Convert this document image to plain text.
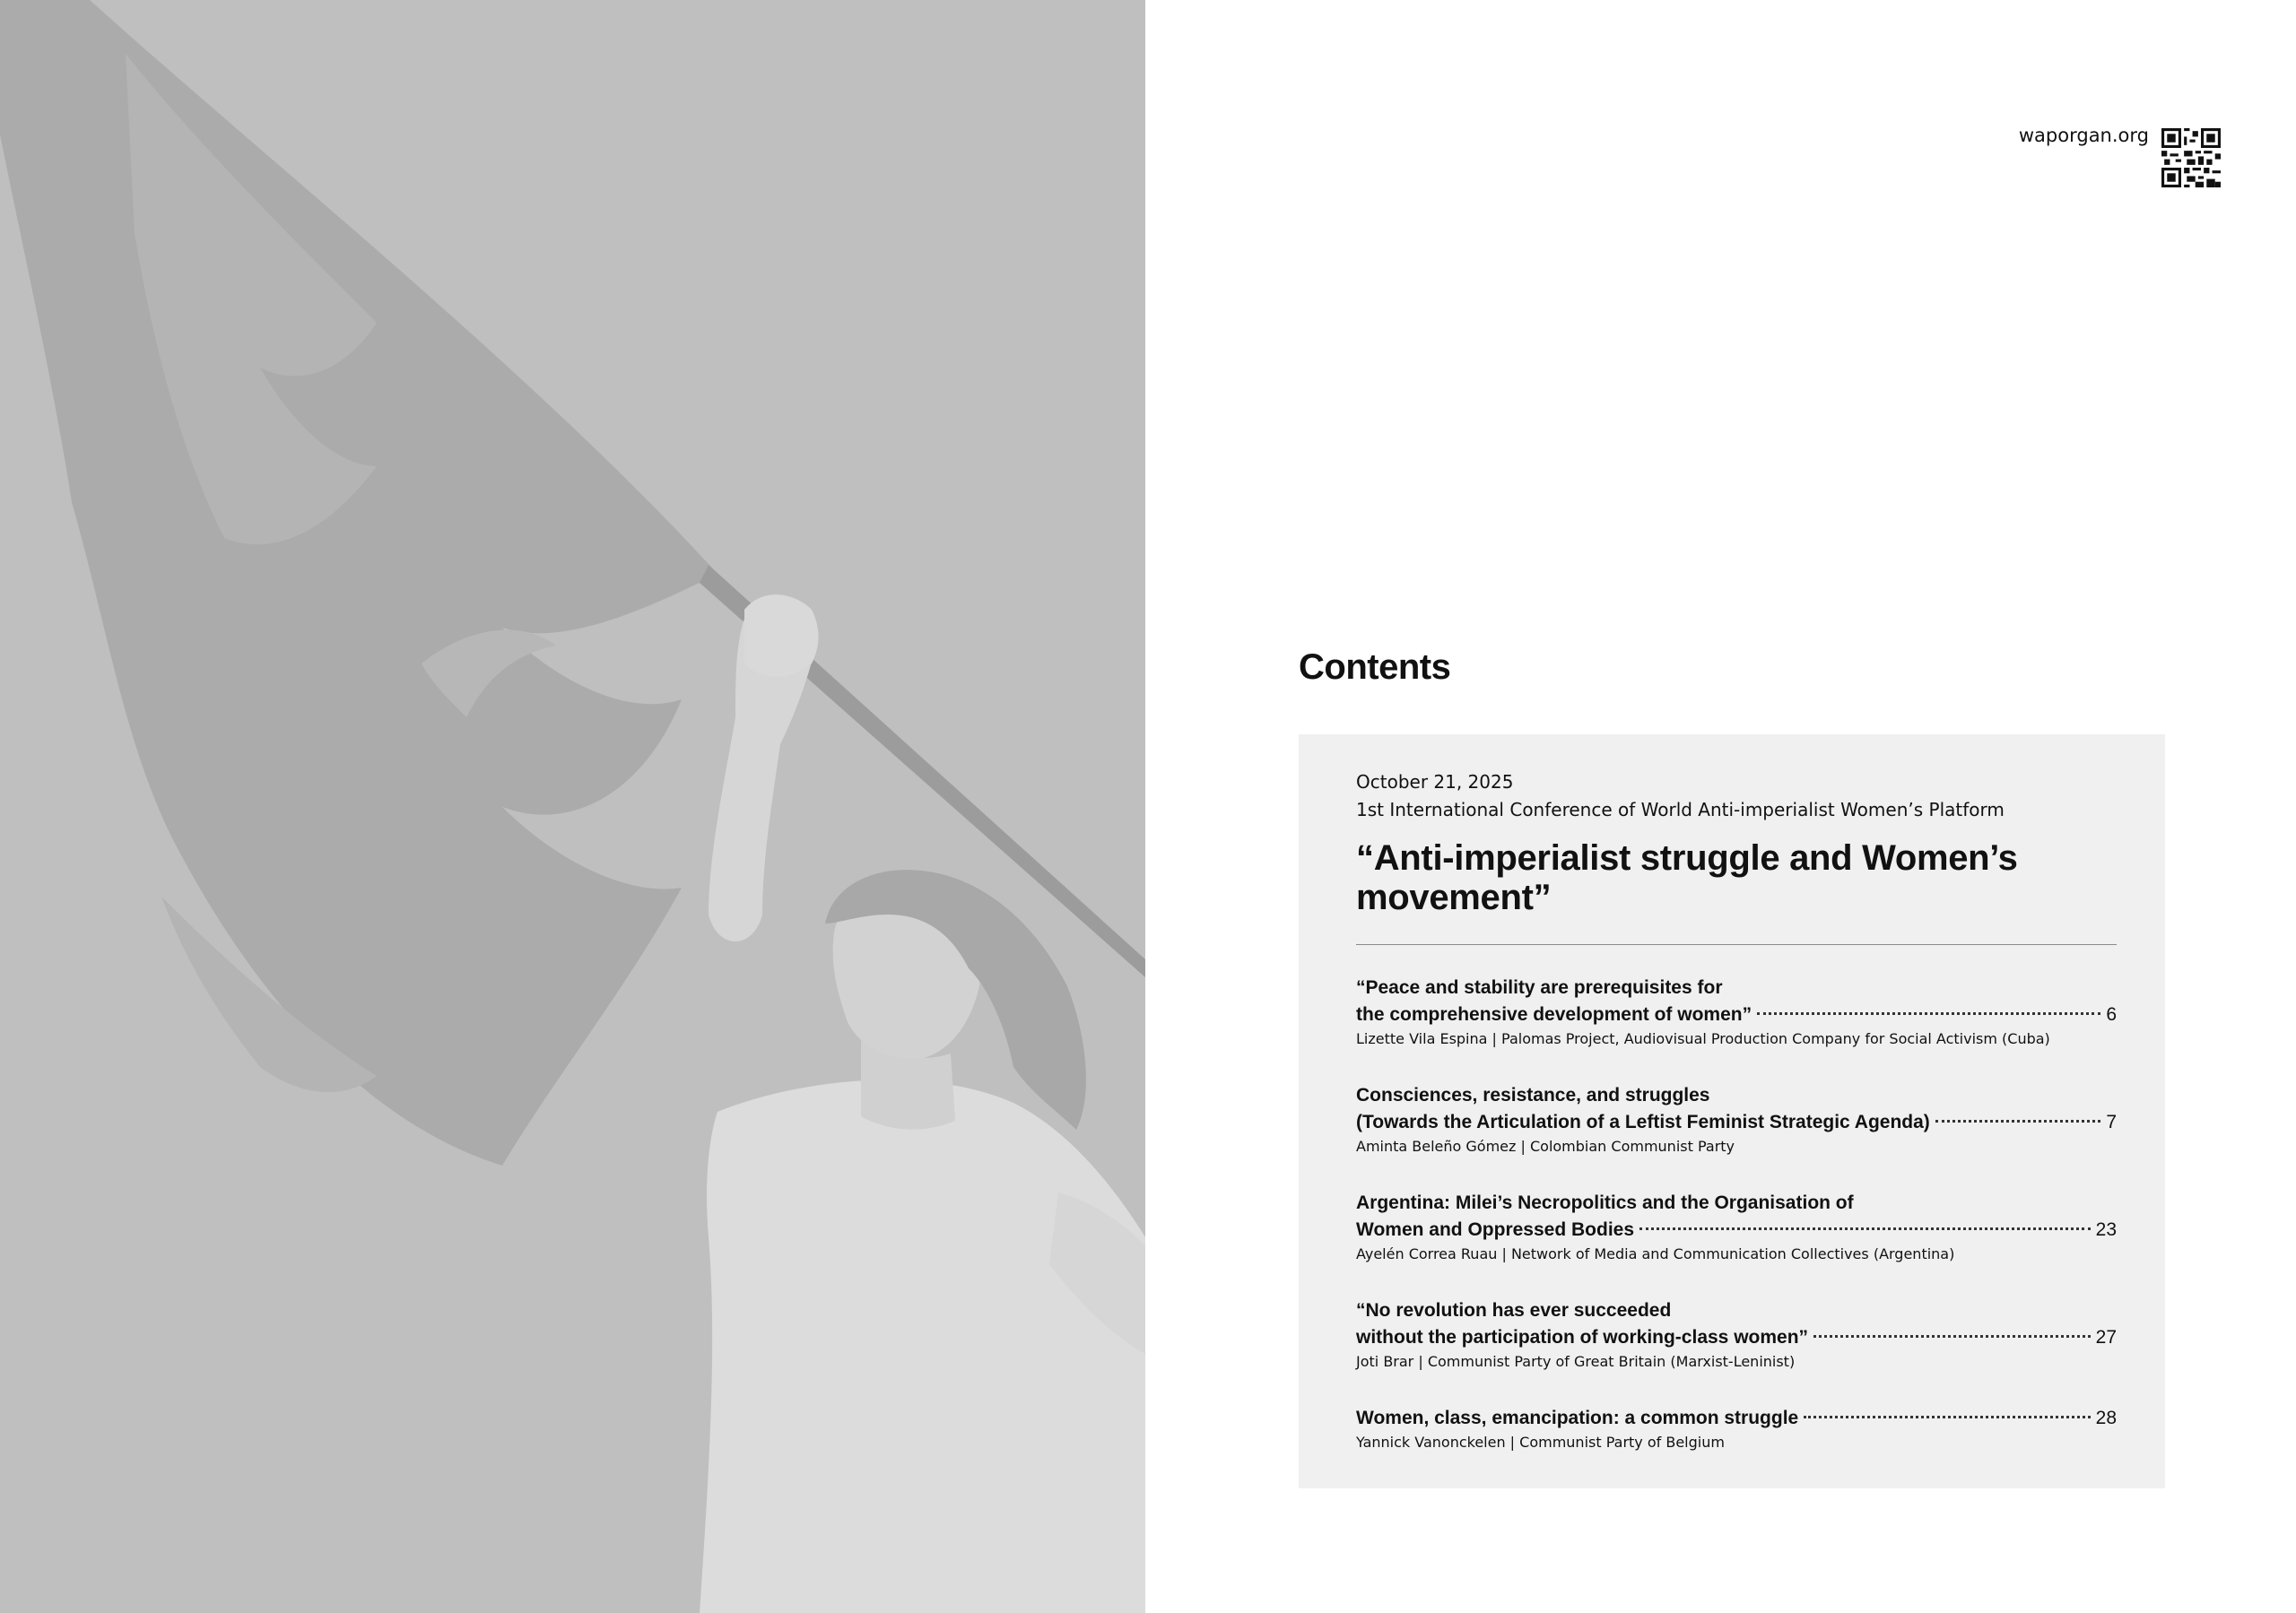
waporgan.org
Contents
October 21, 2025
1st International Conference of World Anti-imperialist Women’s Platform
“Anti-imperialist struggle and Women’s movement”
“Peace and stability are prerequisites for
the comprehensive development of women”	6
Lizette Vila Espina | Palomas Project, Audiovisual Production Company for Social Activism (Cuba)
Consciences, resistance, and struggles
(Towards the Articulation of a Leftist Feminist Strategic Agenda)	7
Aminta Beleño Gómez | Colombian Communist Party
Argentina: Milei’s Necropolitics and the Organisation of
Women and Oppressed Bodies	23
Ayelén Correa Ruau | Network of Media and Communication Collectives (Argentina)
“No revolution has ever succeeded
without the participation of working-class women”	27
Joti Brar | Communist Party of Great Britain (Marxist-Leninist)
Women, class, emancipation: a common struggle	28
Yannick Vanonckelen | Communist Party of Belgium
